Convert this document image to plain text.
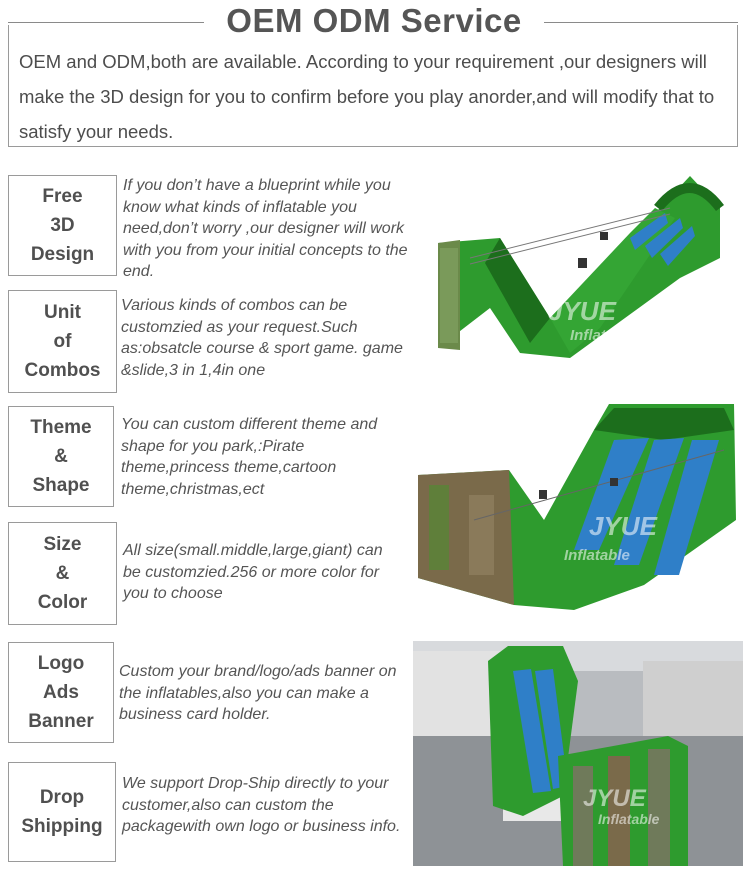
OEM ODM Service

OEM and ODM,both are available. According to your requirement ,our designers will make the 3D design for you to confirm before you play anorder,and will modify that to satisfy your needs.

Free
3D
Design
If you don’t have a blueprint while you know what kinds of inflatable you need,don’t worry ,our designer will work with you from your initial concepts to the end.
Unit
of
Combos
Various kinds of combos can be customzied as your request.Such as:obsatcle course & sport game. game &slide,3 in 1,4in one
Theme
&
Shape
You can custom different theme and shape for you park,:Pirate theme,princess theme,cartoon theme,christmas,ect
Size
&
Color
All size(small.middle,large,giant) can be customzied.256 or more color for you to choose
Logo
Ads
Banner
Custom your brand/logo/ads banner on the inflatables,also you can make a business card holder.
Drop
Shipping
We support Drop-Ship directly to your customer,also can custom the packagewith own logo or business info.
JYUE
Inflatable
JYUE
Inflatable
JYUE
Inflatable
